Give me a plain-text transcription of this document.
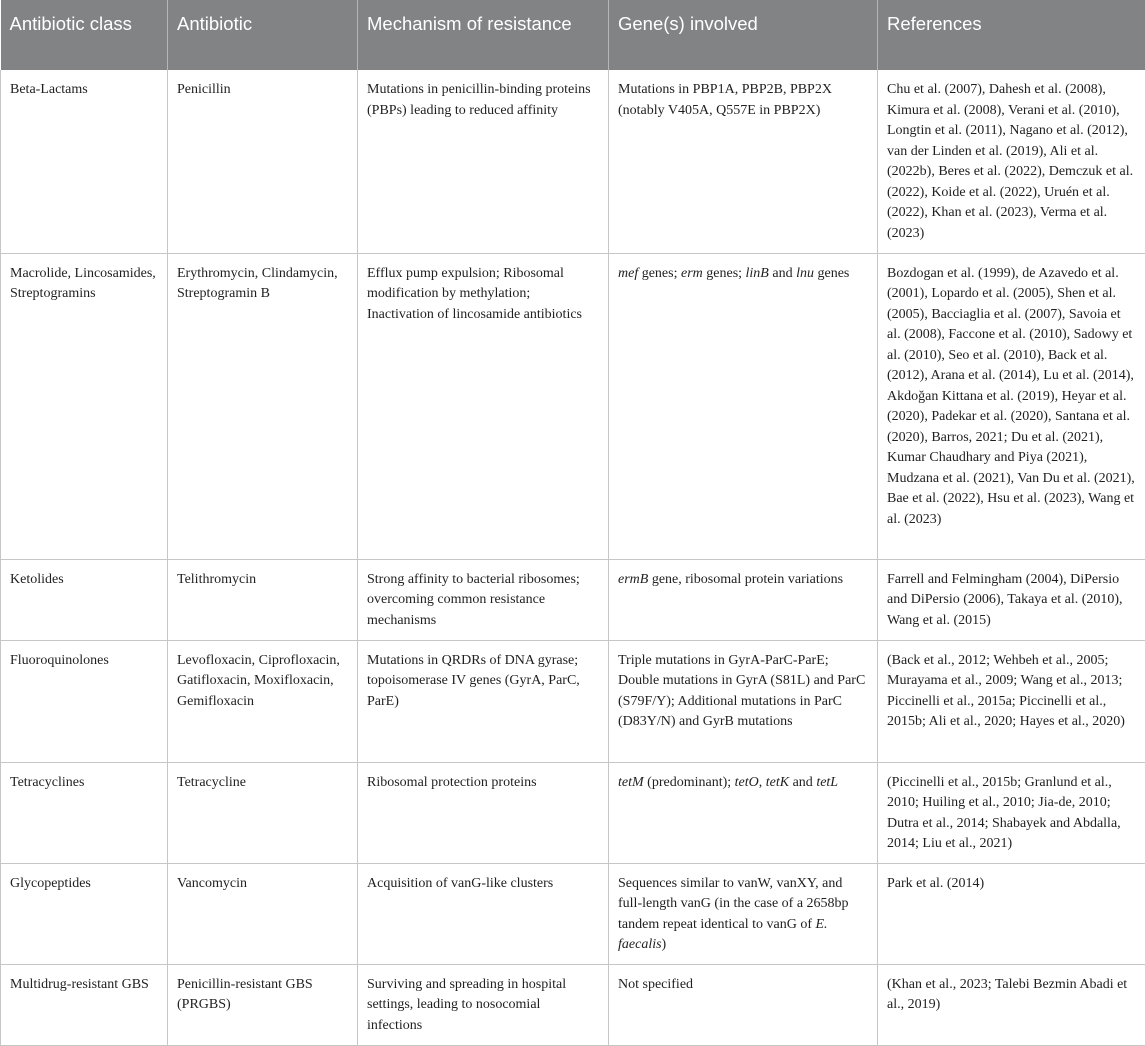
Antibiotic class	Antibiotic	Mechanism of resistance	Gene(s) involved	References
Beta-Lactams	Penicillin	Mutations in penicillin-binding proteins (PBPs) leading to reduced affinity	Mutations in PBP1A, PBP2B, PBP2X (notably V405A, Q557E in PBP2X)	Chu et al. (2007), Dahesh et al. (2008), Kimura et al. (2008), Verani et al. (2010), Longtin et al. (2011), Nagano et al. (2012), van der Linden et al. (2019), Ali et al. (2022b), Beres et al. (2022), Demczuk et al. (2022), Koide et al. (2022), Uruén et al. (2022), Khan et al. (2023), Verma et al. (2023)
Macrolide, Lincosamides, Streptogramins	Erythromycin, Clindamycin, Streptogramin B	Efflux pump expulsion; Ribosomal modification by methylation; Inactivation of lincosamide antibiotics	mef genes; erm genes; linB and lnu genes	Bozdogan et al. (1999), de Azavedo et al. (2001), Lopardo et al. (2005), Shen et al. (2005), Bacciaglia et al. (2007), Savoia et al. (2008), Faccone et al. (2010), Sadowy et al. (2010), Seo et al. (2010), Back et al. (2012), Arana et al. (2014), Lu et al. (2014), Akdoğan Kittana et al. (2019), Heyar et al. (2020), Padekar et al. (2020), Santana et al. (2020), Barros, 2021; Du et al. (2021), Kumar Chaudhary and Piya (2021), Mudzana et al. (2021), Van Du et al. (2021), Bae et al. (2022), Hsu et al. (2023), Wang et al. (2023)
Ketolides	Telithromycin	Strong affinity to bacterial ribosomes; overcoming common resistance mechanisms	ermB gene, ribosomal protein variations	Farrell and Felmingham (2004), DiPersio and DiPersio (2006), Takaya et al. (2010), Wang et al. (2015)
Fluoroquinolones	Levofloxacin, Ciprofloxacin, Gatifloxacin, Moxifloxacin, Gemifloxacin	Mutations in QRDRs of DNA gyrase; topoisomerase IV genes (GyrA, ParC, ParE)	Triple mutations in GyrA-ParC-ParE; Double mutations in GyrA (S81L) and ParC (S79F/Y); Additional mutations in ParC (D83Y/N) and GyrB mutations	(Back et al., 2012; Wehbeh et al., 2005; Murayama et al., 2009; Wang et al., 2013; Piccinelli et al., 2015a; Piccinelli et al., 2015b; Ali et al., 2020; Hayes et al., 2020)
Tetracyclines	Tetracycline	Ribosomal protection proteins	tetM (predominant); tetO, tetK and tetL	(Piccinelli et al., 2015b; Granlund et al., 2010; Huiling et al., 2010; Jia-de, 2010; Dutra et al., 2014; Shabayek and Abdalla, 2014; Liu et al., 2021)
Glycopeptides	Vancomycin	Acquisition of vanG-like clusters	Sequences similar to vanW, vanXY, and full-length vanG (in the case of a 2658bp tandem repeat identical to vanG of E. faecalis)	Park et al. (2014)
Multidrug-resistant GBS	Penicillin-resistant GBS (PRGBS)	Surviving and spreading in hospital settings, leading to nosocomial infections	Not specified	(Khan et al., 2023; Talebi Bezmin Abadi et al., 2019)
